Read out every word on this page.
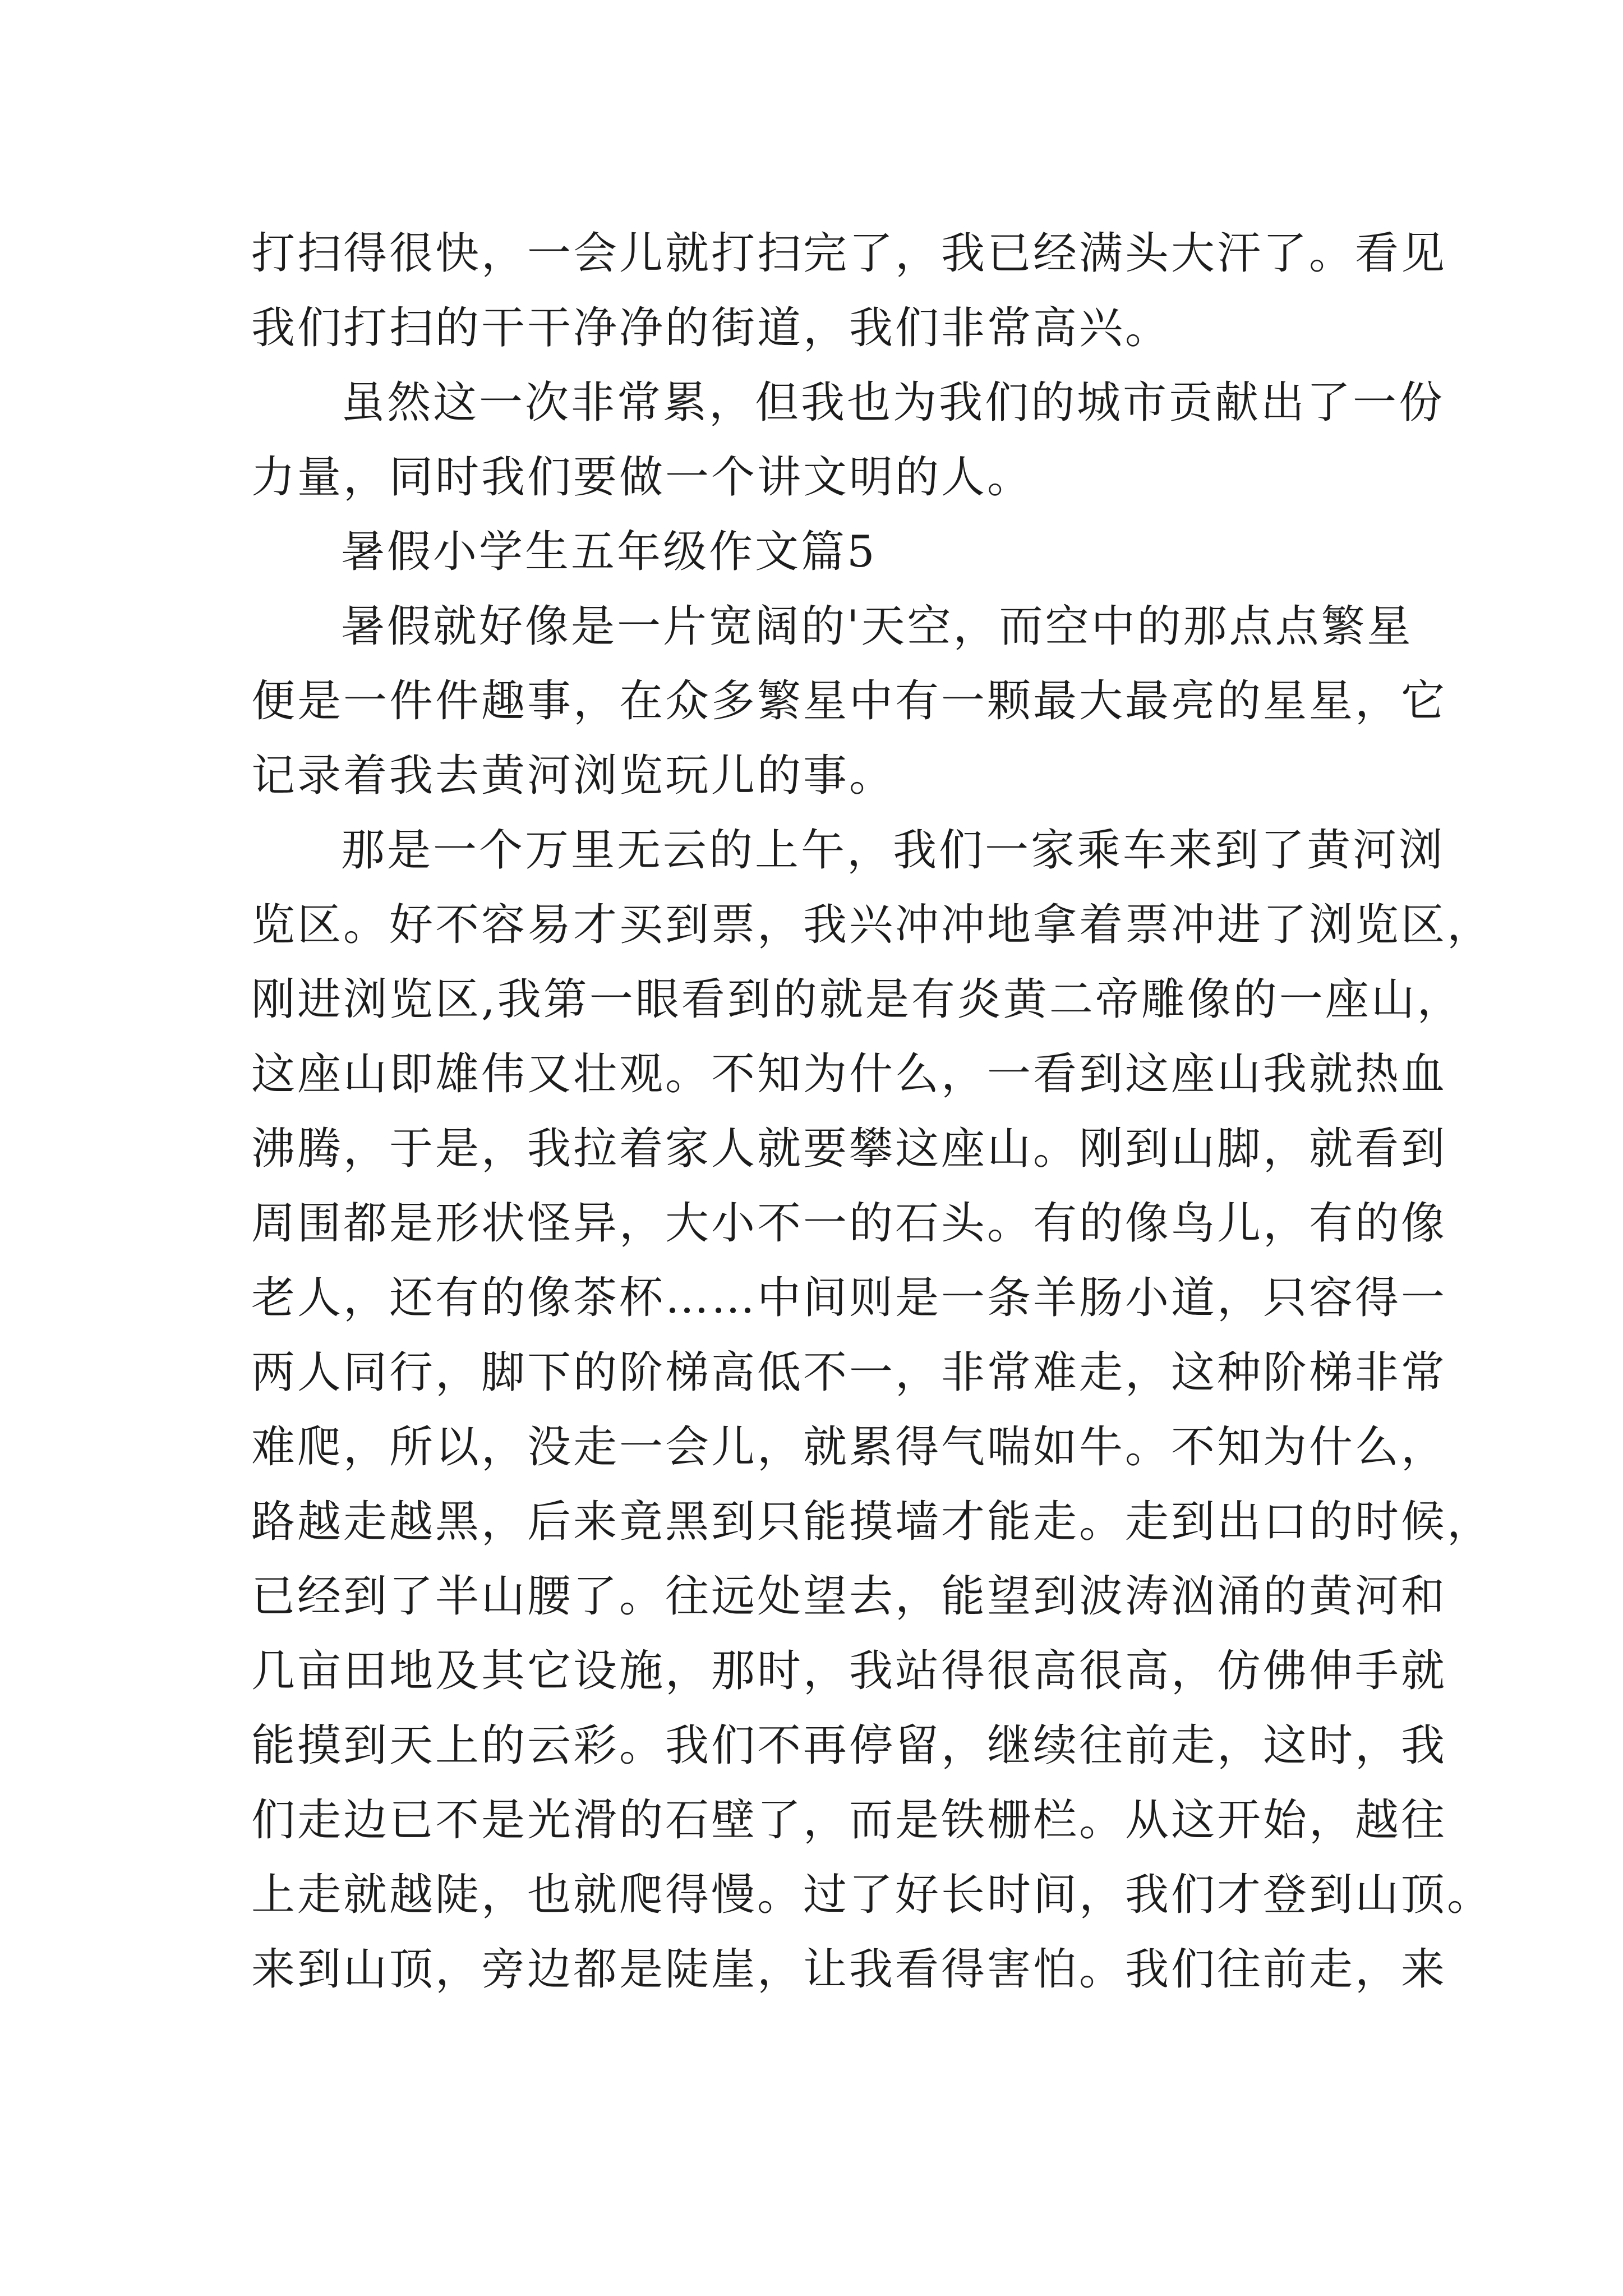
打扫得很快，一会儿就打扫完了，我已经满头大汗了。看见
我们打扫的干干净净的街道，我们非常高兴。
虽然这一次非常累，但我也为我们的城市贡献出了一份
力量，同时我们要做一个讲文明的人。
暑假小学生五年级作文篇5
暑假就好像是一片宽阔的'天空，而空中的那点点繁星
便是一件件趣事，在众多繁星中有一颗最大最亮的星星，它
记录着我去黄河浏览玩儿的事。
那是一个万里无云的上午，我们一家乘车来到了黄河浏
览区。好不容易才买到票，我兴冲冲地拿着票冲进了浏览区，
刚进浏览区,我第一眼看到的就是有炎黄二帝雕像的一座山，
这座山即雄伟又壮观。不知为什么，一看到这座山我就热血
沸腾，于是，我拉着家人就要攀这座山。刚到山脚，就看到
周围都是形状怪异，大小不一的石头。有的像鸟儿，有的像
老人，还有的像茶杯……中间则是一条羊肠小道，只容得一
两人同行，脚下的阶梯高低不一，非常难走，这种阶梯非常
难爬，所以，没走一会儿，就累得气喘如牛。不知为什么，
路越走越黑，后来竟黑到只能摸墙才能走。走到出口的时候，
已经到了半山腰了。往远处望去，能望到波涛汹涌的黄河和
几亩田地及其它设施，那时，我站得很高很高，仿佛伸手就
能摸到天上的云彩。我们不再停留，继续往前走，这时，我
们走边已不是光滑的石壁了，而是铁栅栏。从这开始，越往
上走就越陡，也就爬得慢。过了好长时间，我们才登到山顶。
来到山顶，旁边都是陡崖，让我看得害怕。我们往前走，来
